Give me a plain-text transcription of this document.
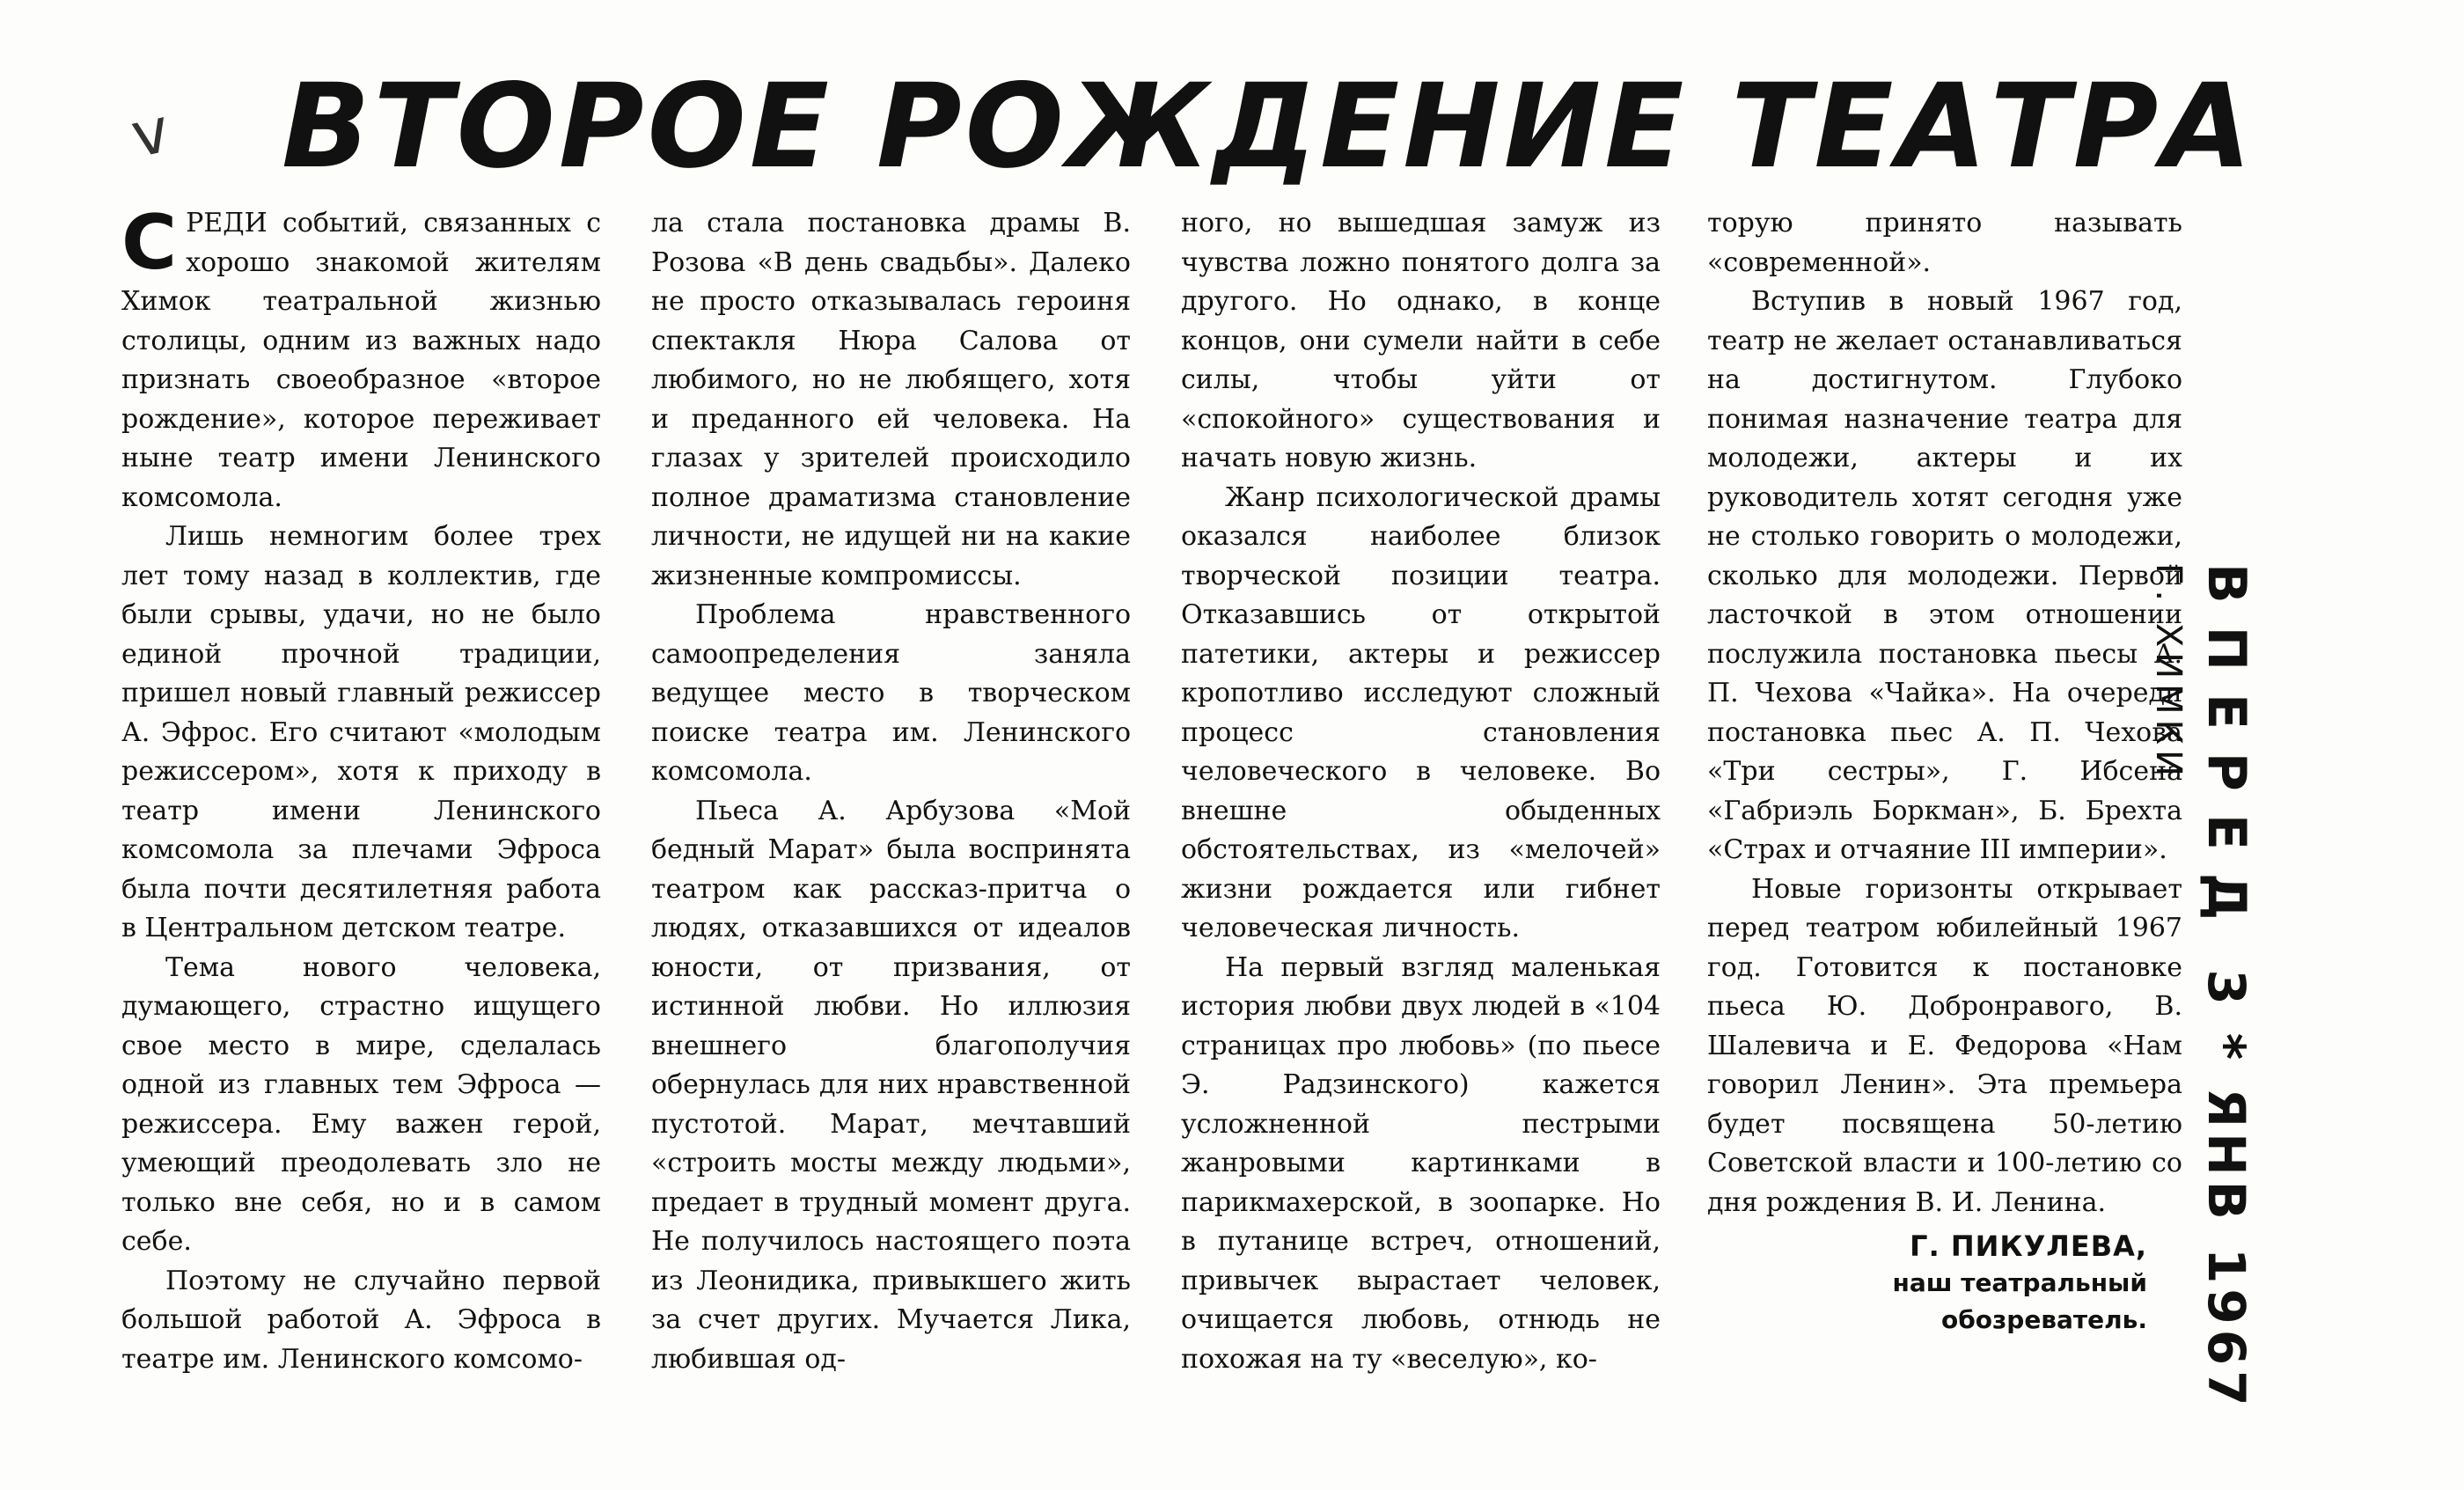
v ВТОРОЕ РОЖДЕНИЕ ТЕАТРА

СРЕДИ событий, связанных с хорошо знакомой жителям Химок театральной жизнью столицы, одним из важных надо признать своеобразное «второе рождение», которое переживает ныне театр имени Ленинского комсомола.

Лишь немногим более трех лет тому назад в коллектив, где были срывы, удачи, но не было единой прочной традиции, пришел новый главный режиссер А. Эфрос. Его считают «молодым режиссером», хотя к приходу в театр имени Ленинского комсомола за плечами Эфроса была почти десятилетняя работа в Центральном детском театре.

Тема нового человека, думающего, страстно ищущего свое место в мире, сделалась одной из главных тем Эфроса — режиссера. Ему важен герой, умеющий преодолевать зло не только вне себя, но и в самом себе.

Поэтому не случайно первой большой работой А. Эфроса в театре им. Ленинского комсомо-

ла стала постановка драмы В. Розова «В день свадьбы». Далеко не просто отказывалась героиня спектакля Нюра Салова от любимого, но не любящего, хотя и преданного ей человека. На глазах у зрителей происходило полное драматизма становление личности, не идущей ни на какие жизненные компромиссы.

Проблема нравственного самоопределения заняла ведущее место в творческом поиске театра им. Ленинского комсомола.

Пьеса А. Арбузова «Мой бедный Марат» была воспринята театром как рассказ-притча о людях, отказавшихся от идеалов юности, от призвания, от истинной любви. Но иллюзия внешнего благополучия обернулась для них нравственной пустотой. Марат, мечтавший «строить мосты между людьми», предает в трудный момент друга. Не получилось настоящего поэта из Леонидика, привыкшего жить за счет других. Мучается Лика, любившая од-

ного, но вышедшая замуж из чувства ложно понятого долга за другого. Но однако, в конце концов, они сумели найти в себе силы, чтобы уйти от «спокойного» существования и начать новую жизнь.

Жанр психологической драмы оказался наиболее близок творческой позиции театра. Отказавшись от открытой патетики, актеры и режиссер кропотливо исследуют сложный процесс становления человеческого в человеке. Во внешне обыденных обстоятельствах, из «мелочей» жизни рождается или гибнет человеческая личность.

На первый взгляд маленькая история любви двух людей в «104 страницах про любовь» (по пьесе Э. Радзинского) кажется усложненной пестрыми жанровыми картинками в парикмахерской, в зоопарке. Но в путанице встреч, отношений, привычек вырастает человек, очищается любовь, отнюдь не похожая на ту «веселую», ко-

торую принято называть «современной».

Вступив в новый 1967 год, театр не желает останавливаться на достигнутом. Глубоко понимая назначение театра для молодежи, актеры и их руководитель хотят сегодня уже не столько говорить о молодежи, сколько для молодежи. Первой ласточкой в этом отношении послужила постановка пьесы А. П. Чехова «Чайка». На очереди постановка пьес А. П. Чехова «Три сестры», Г. Ибсена «Габриэль Боркман», Б. Брехта «Страх и отчаяние III империи».

Новые горизонты открывает перед театром юбилейный 1967 год. Готовится к постановке пьеса Ю. Добронравого, В. Шалевича и Е. Федорова «Нам говорил Ленин». Эта премьера будет посвящена 50-летию Советской власти и 100-летию со дня рождения В. И. Ленина.

Г. ПИКУЛЕВА,
наш театральный
обозреватель.
ВПЕРЕД3 * ЯНВ 1967
Г. ХИМКИ
